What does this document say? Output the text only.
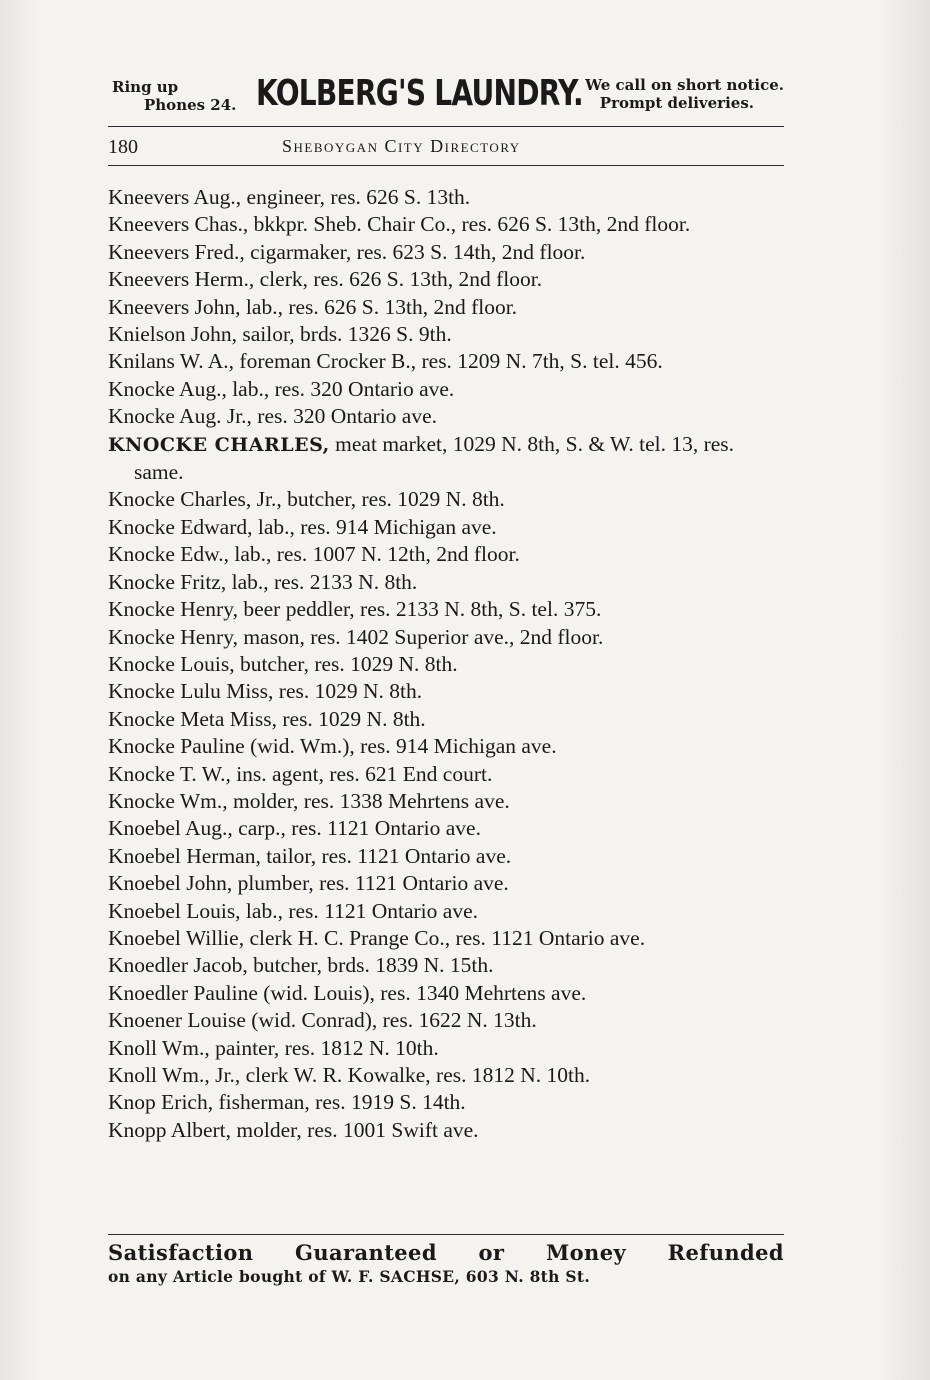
Ring up
Phones 24. KOLBERG'S LAUNDRY. We call on short notice.
Prompt deliveries.
180	Sheboygan City Directory
Kneevers Aug., engineer, res. 626 S. 13th.
Kneevers Chas., bkkpr. Sheb. Chair Co., res. 626 S. 13th, 2nd floor.
Kneevers Fred., cigarmaker, res. 623 S. 14th, 2nd floor.
Kneevers Herm., clerk, res. 626 S. 13th, 2nd floor.
Kneevers John, lab., res. 626 S. 13th, 2nd floor.
Knielson John, sailor, brds. 1326 S. 9th.
Knilans W. A., foreman Crocker B., res. 1209 N. 7th, S. tel. 456.
Knocke Aug., lab., res. 320 Ontario ave.
Knocke Aug. Jr., res. 320 Ontario ave.
KNOCKE CHARLES, meat market, 1029 N. 8th, S. & W. tel. 13, res. same.
Knocke Charles, Jr., butcher, res. 1029 N. 8th.
Knocke Edward, lab., res. 914 Michigan ave.
Knocke Edw., lab., res. 1007 N. 12th, 2nd floor.
Knocke Fritz, lab., res. 2133 N. 8th.
Knocke Henry, beer peddler, res. 2133 N. 8th, S. tel. 375.
Knocke Henry, mason, res. 1402 Superior ave., 2nd floor.
Knocke Louis, butcher, res. 1029 N. 8th.
Knocke Lulu Miss, res. 1029 N. 8th.
Knocke Meta Miss, res. 1029 N. 8th.
Knocke Pauline (wid. Wm.), res. 914 Michigan ave.
Knocke T. W., ins. agent, res. 621 End court.
Knocke Wm., molder, res. 1338 Mehrtens ave.
Knoebel Aug., carp., res. 1121 Ontario ave.
Knoebel Herman, tailor, res. 1121 Ontario ave.
Knoebel John, plumber, res. 1121 Ontario ave.
Knoebel Louis, lab., res. 1121 Ontario ave.
Knoebel Willie, clerk H. C. Prange Co., res. 1121 Ontario ave.
Knoedler Jacob, butcher, brds. 1839 N. 15th.
Knoedler Pauline (wid. Louis), res. 1340 Mehrtens ave.
Knoener Louise (wid. Conrad), res. 1622 N. 13th.
Knoll Wm., painter, res. 1812 N. 10th.
Knoll Wm., Jr., clerk W. R. Kowalke, res. 1812 N. 10th.
Knop Erich, fisherman, res. 1919 S. 14th.
Knopp Albert, molder, res. 1001 Swift ave.
Satisfaction Guaranteed or Money Refunded
on any Article bought of W. F. SACHSE, 603 N. 8th St.
